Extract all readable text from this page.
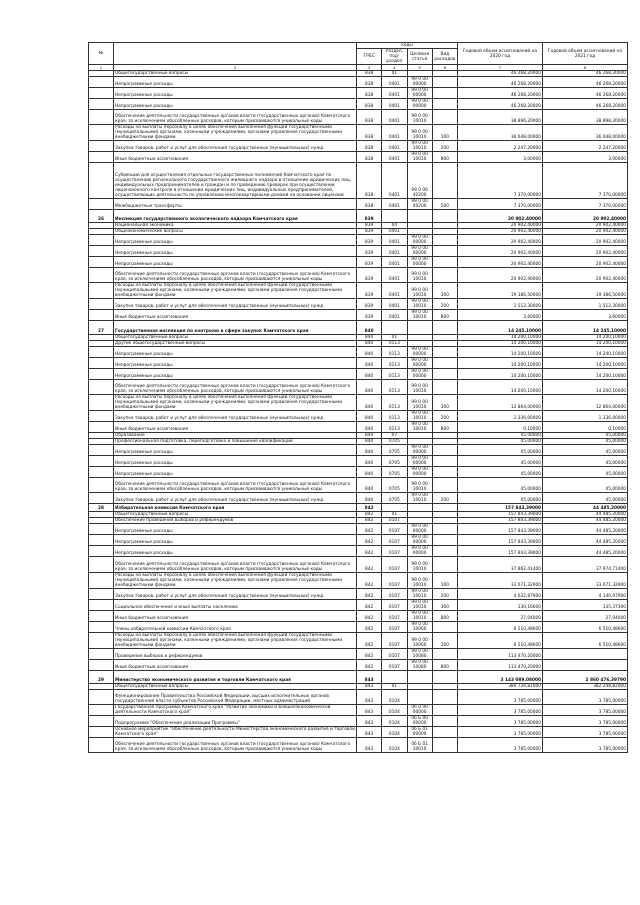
№		коды				Годовой объем ассигнований на 2020 год	Годовой объем ассигнований на 2021 год
		ГРБС	Раздел, под-раздел	Целевая статья	Вид расходов		
1	2	3	4	5	6	7	8
	Общегосударственные вопросы	838	01			46 268,20000	46 268,20000
	Непрограммные расходы	838	0401	99 0 00 00000		46 268,20000	46 268,20000
	Непрограммные расходы	838	0401	99 0 00 00000		46 268,20000	46 268,20000
	Непрограммные расходы	838	0401	99 0 00 00000		46 268,20000	46 268,20000
	Обеспечение деятельности государственных органов власти (государственных органов) Камчатского края, за исключением обособленных расходов, которым присваиваются уникальные коды	838	0401	99 0 00 10010		38 896,20000	38 898,20000
	Расходы на выплаты персоналу в целях обеспечения выполнения функций государственными (муниципальными) органами, казенными учреждениями, органами управления государственными внебюджетными фондами	838	0401	99 0 00 10010	100	36 648,00000	36 648,00000
	Закупка товаров, работ и услуг для обеспечения государственных (муниципальных) нужд	838	0401	99 0 00 10010	200	2 247,20000	2 247,20000
	Иные бюджетные ассигнования	838	0401	99 0 00 10010	800	3,00000	3,00000
	Субвенции для осуществления отдельных государственных полномочий Камчатского края по осуществлению регионального государственного жилищного надзора в отношении юридических лиц, индивидуальных предпринимателей и граждан и по проведению проверок при осуществлении лицензионного контроля в отношении юридических лиц, индивидуальных предпринимателей, осуществляющих деятельность по управлению многоквартирными домами на основании лицензии	838	0401	99 0 00 40200		7 370,00000	7 370,00000
	Межбюджетные трансферты	838	0401	99 0 00 40200	500	7 370,00000	7 370,00000
26	Инспекция государственного экологического надзора Камчатского края	839				20 902,40000	20 902,40000
	Национальная экономика	839	04			20 902,40000	20 902,40000
	Общеэкономические вопросы	839	0401			20 902,40000	20 902,40000
	Непрограммные расходы	839	0401	99 0 00 00000		20 902,40000	20 902,40000
	Непрограммные расходы	839	0401	99 0 00 00000		20 902,40000	20 902,40000
	Непрограммные расходы	839	0401	99 0 00 00000		20 902,40000	20 902,40000
	Обеспечение деятельности государственных органов власти (государственных органов) Камчатского края, за исключением обособленных расходов, которым присваиваются уникальные коды	839	0401	99 0 00 10010		20 902,40000	20 902,40000
	Расходы на выплаты персоналу в целях обеспечения выполнения функций государственными (муниципальными) органами, казенными учреждениями, органами управления государственными внебюджетными фондами	839	0401	99 0 00 10010	100	19 386,50000	19 386,50000
	Закупка товаров, работ и услуг для обеспечения государственных (муниципальных) нужд	839	0401	99 0 00 10010	200	1 512,30000	1 512,30000
	Иные бюджетные ассигнования	839	0401	99 0 00 10010	800	3,60000	3,60000
27	Государственная инспекция по контролю в сфере закупок Камчатского края	840				14 245,10000	14 245,10000
	Общегосударственные вопросы	840	01			14 200,10000	14 200,10000
	Другие общегосударственные вопросы	840	0113			14 200,10000	14 200,10000
	Непрограммные расходы	840	0113	99 0 00 00000		14 200,10000	14 200,10000
	Непрограммные расходы	840	0113	99 0 00 00000		14 200,10000	14 200,10000
	Непрограммные расходы	840	0113	99 0 00 00000		14 200,10000	14 200,10000
	Обеспечение деятельности государственных органов власти (государственных органов) Камчатского края, за исключением обособленных расходов, которым присваиваются уникальные коды	840	0113	99 0 00 10010		14 200,10000	14 200,10000
	Расходы на выплаты персоналу в целях обеспечения выполнения функций государственными (муниципальными) органами, казенными учреждениями, органами управления государственными внебюджетными фондами	840	0113	99 0 00 10010	100	12 864,00000	12 864,00000
	Закупка товаров, работ и услуг для обеспечения государственных (муниципальных) нужд	840	0113	99 0 00 10010	200	1 336,00000	1 336,00000
	Иные бюджетные ассигнования	840	0113	99 0 00 10010	800	0,10000	0,10000
	Образование	840	07			45,00000	45,00000
	Профессиональная подготовка, переподготовка и повышение квалификации	840	0705			45,00000	45,00000
	Непрограммные расходы	840	0705	99 0 00 00000		45,00000	45,00000
	Непрограммные расходы	840	0705	99 0 00 00000		45,00000	45,00000
	Непрограммные расходы	840	0705	99 0 00 00000		45,00000	45,00000
	Обеспечение деятельности государственных органов власти (государственных органов) Камчатского края, за исключением обособленных расходов, которым присваиваются уникальные коды	840	0705	99 0 00 10010		45,00000	45,00000
	Закупка товаров, работ и услуг для обеспечения государственных (муниципальных) нужд	840	0705	99 0 00 10010	200	45,00000	45,00000
28	Избирательная комиссия Камчатского края	842				157 843,39000	44 485,20000
	Общегосударственные вопросы	842	01			157 843,39000	44 485,20000
	Обеспечение проведения выборов и референдумов	842	0107			157 843,39000	44 485,20000
	Непрограммные расходы	842	0107	99 0 00 00000		157 843,39000	44 485,20000
	Непрограммные расходы	842	0107	99 0 00 00000		157 843,39000	44 485,20000
	Непрограммные расходы	842	0107	99 0 00 00000		157 843,39000	44 485,20000
	Обеспечение деятельности государственных органов власти (государственных органов) Камчатского края, за исключением обособленных расходов, которым присваиваются уникальные коды	842	0107	99 0 00 10010		37 862,41400	37 974,71400
	Расходы на выплаты персоналу в целях обеспечения выполнения функций государственными (муниципальными) органами, казенными учреждениями, органами управления государственными внебюджетными фондами	842	0107	99 0 00 10010	100	33 671,32900	33 671,32900
	Закупка товаров, работ и услуг для обеспечения государственных (муниципальных) нужд	842	0107	99 0 00 10010	200	4 032,87900	4 140,97900
	Социальное обеспечение и иные выплаты населению	842	0107	99 0 00 10010	300	130,16600	135,37300
	Иные бюджетные ассигнования	842	0107	99 0 00 10010	800	27,04000	27,04000
	Члены избирательной комиссии Камчатского края	842	0107	99 0 00 10060		6 510,48600	6 510,48600
	Расходы на выплаты персоналу в целях обеспечения выполнения функций государственными (муниципальными) органами, казенными учреждениями, органами управления государственными внебюджетными фондами	842	0107	99 0 00 10060	100	6 510,48600	6 510,48600
	Проведение выборов и референдумов	842	0107	99 0 00 10080		113 470,20000	
	Иные бюджетные ассигнования	842	0107	99 0 00 10080	800	113 470,20000	
29	Министерство экономического развития и торговли Камчатского края	843				3 143 089,08000	2 860 476,39790
	Общегосударственные вопросы	843	01			380 734,81000	382 248,82000
	Функционирование Правительства Российской Федерации, высших исполнительных органов государственной власти субъектов Российской Федерации, местных администраций	843	0104			3 785,00000	3 785,00000
	Государственная программа Камчатского края "Развитие экономики и внешнеэкономической деятельности Камчатского края"	843	0104	06 0 00 00000		3 785,00000	3 785,00000
	Подпрограмма "Обеспечение реализации Программы"	843	0104	06 Б 00 00000		3 785,00000	3 785,00000
	Основное мероприятие "Обеспечение деятельности Министерства экономического развития и торговли Камчатского края"	843	0104	06 Б 01 00000		3 785,00000	3 785,00000
	Обеспечение деятельности государственных органов власти (государственных органов) Камчатского края, за исключением обособленных расходов, которым присваиваются уникальные коды	843	0104	06 Б 01 10010		3 785,00000	3 785,00000
